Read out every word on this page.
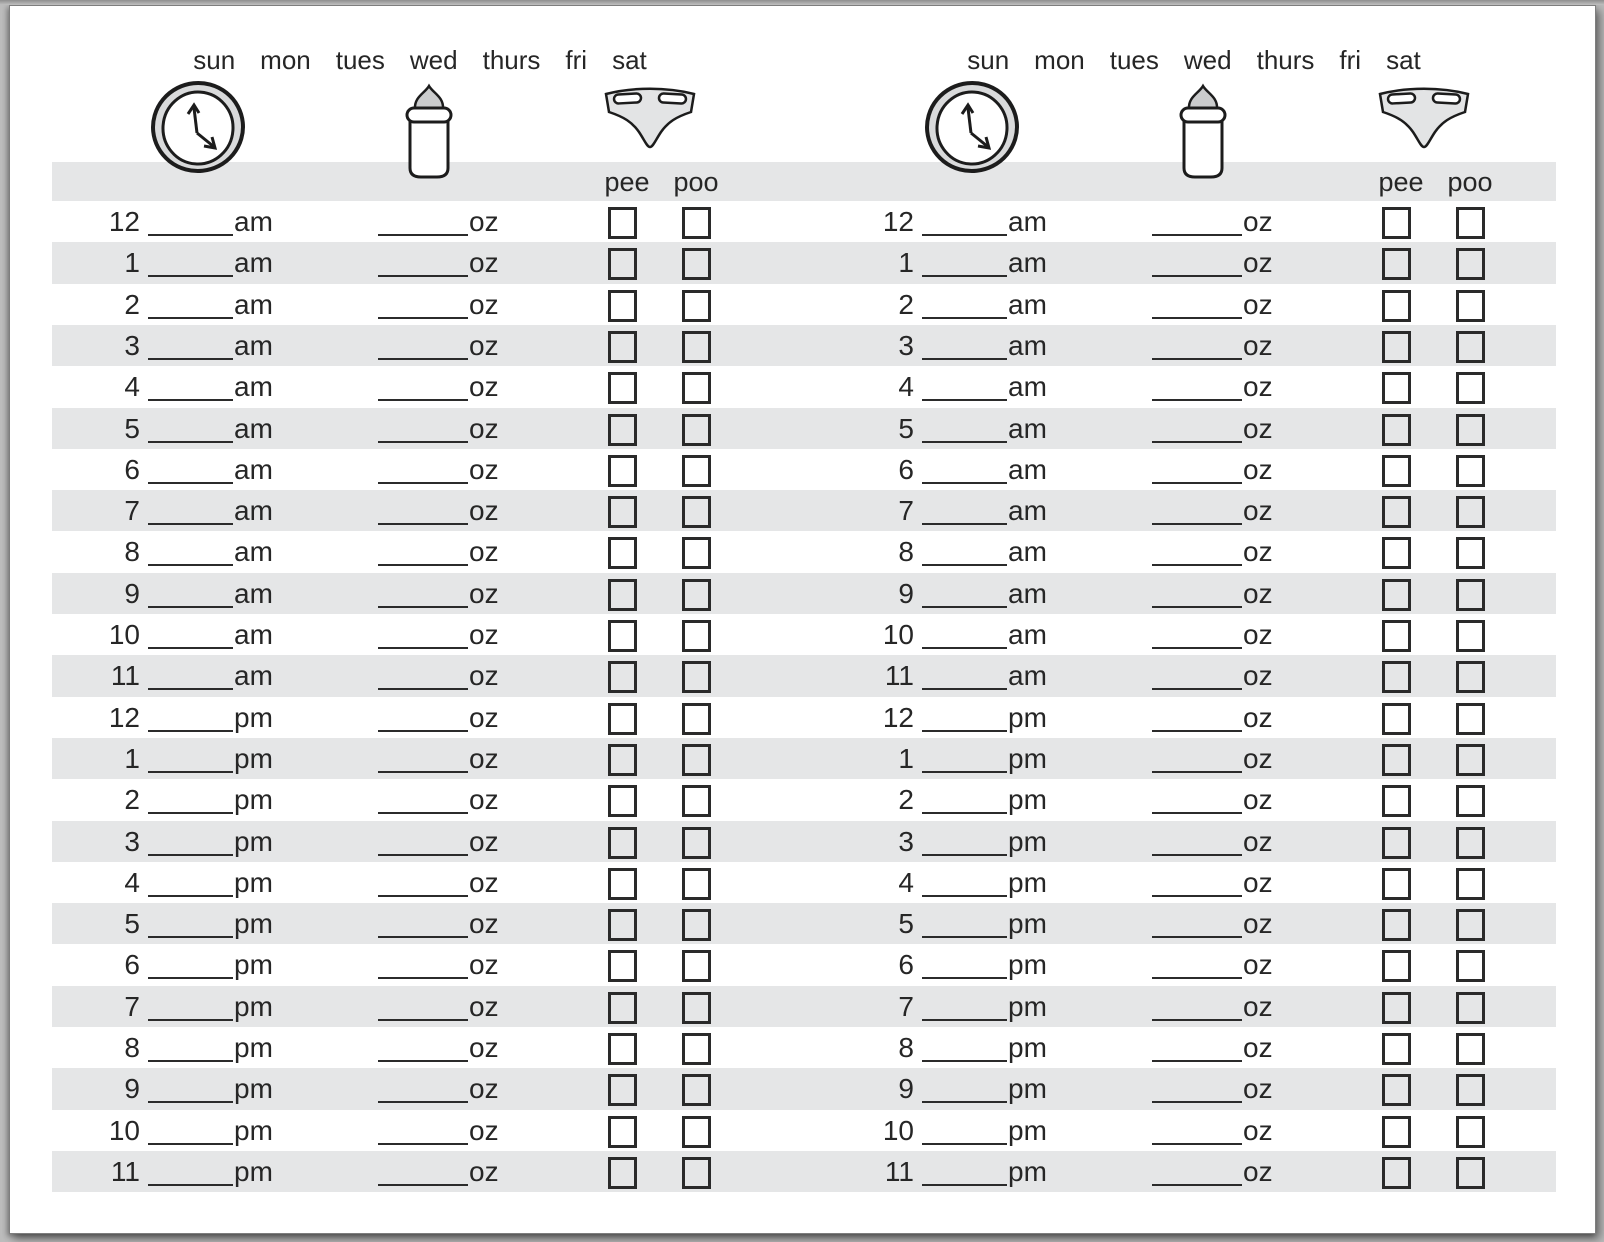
sun mon tues wed thurs fri sat
pee poo
12	am	oz
1	am	oz
2	am	oz
3	am	oz
4	am	oz
5	am	oz
6	am	oz
7	am	oz
8	am	oz
9	am	oz
10	am	oz
11	am	oz
12	pm	oz
1	pm	oz
2	pm	oz
3	pm	oz
4	pm	oz
5	pm	oz
6	pm	oz
7	pm	oz
8	pm	oz
9	pm	oz
10	pm	oz
11	pm	oz
sun mon tues wed thurs fri sat
pee poo
12	am	oz
1	am	oz
2	am	oz
3	am	oz
4	am	oz
5	am	oz
6	am	oz
7	am	oz
8	am	oz
9	am	oz
10	am	oz
11	am	oz
12	pm	oz
1	pm	oz
2	pm	oz
3	pm	oz
4	pm	oz
5	pm	oz
6	pm	oz
7	pm	oz
8	pm	oz
9	pm	oz
10	pm	oz
11	pm	oz
